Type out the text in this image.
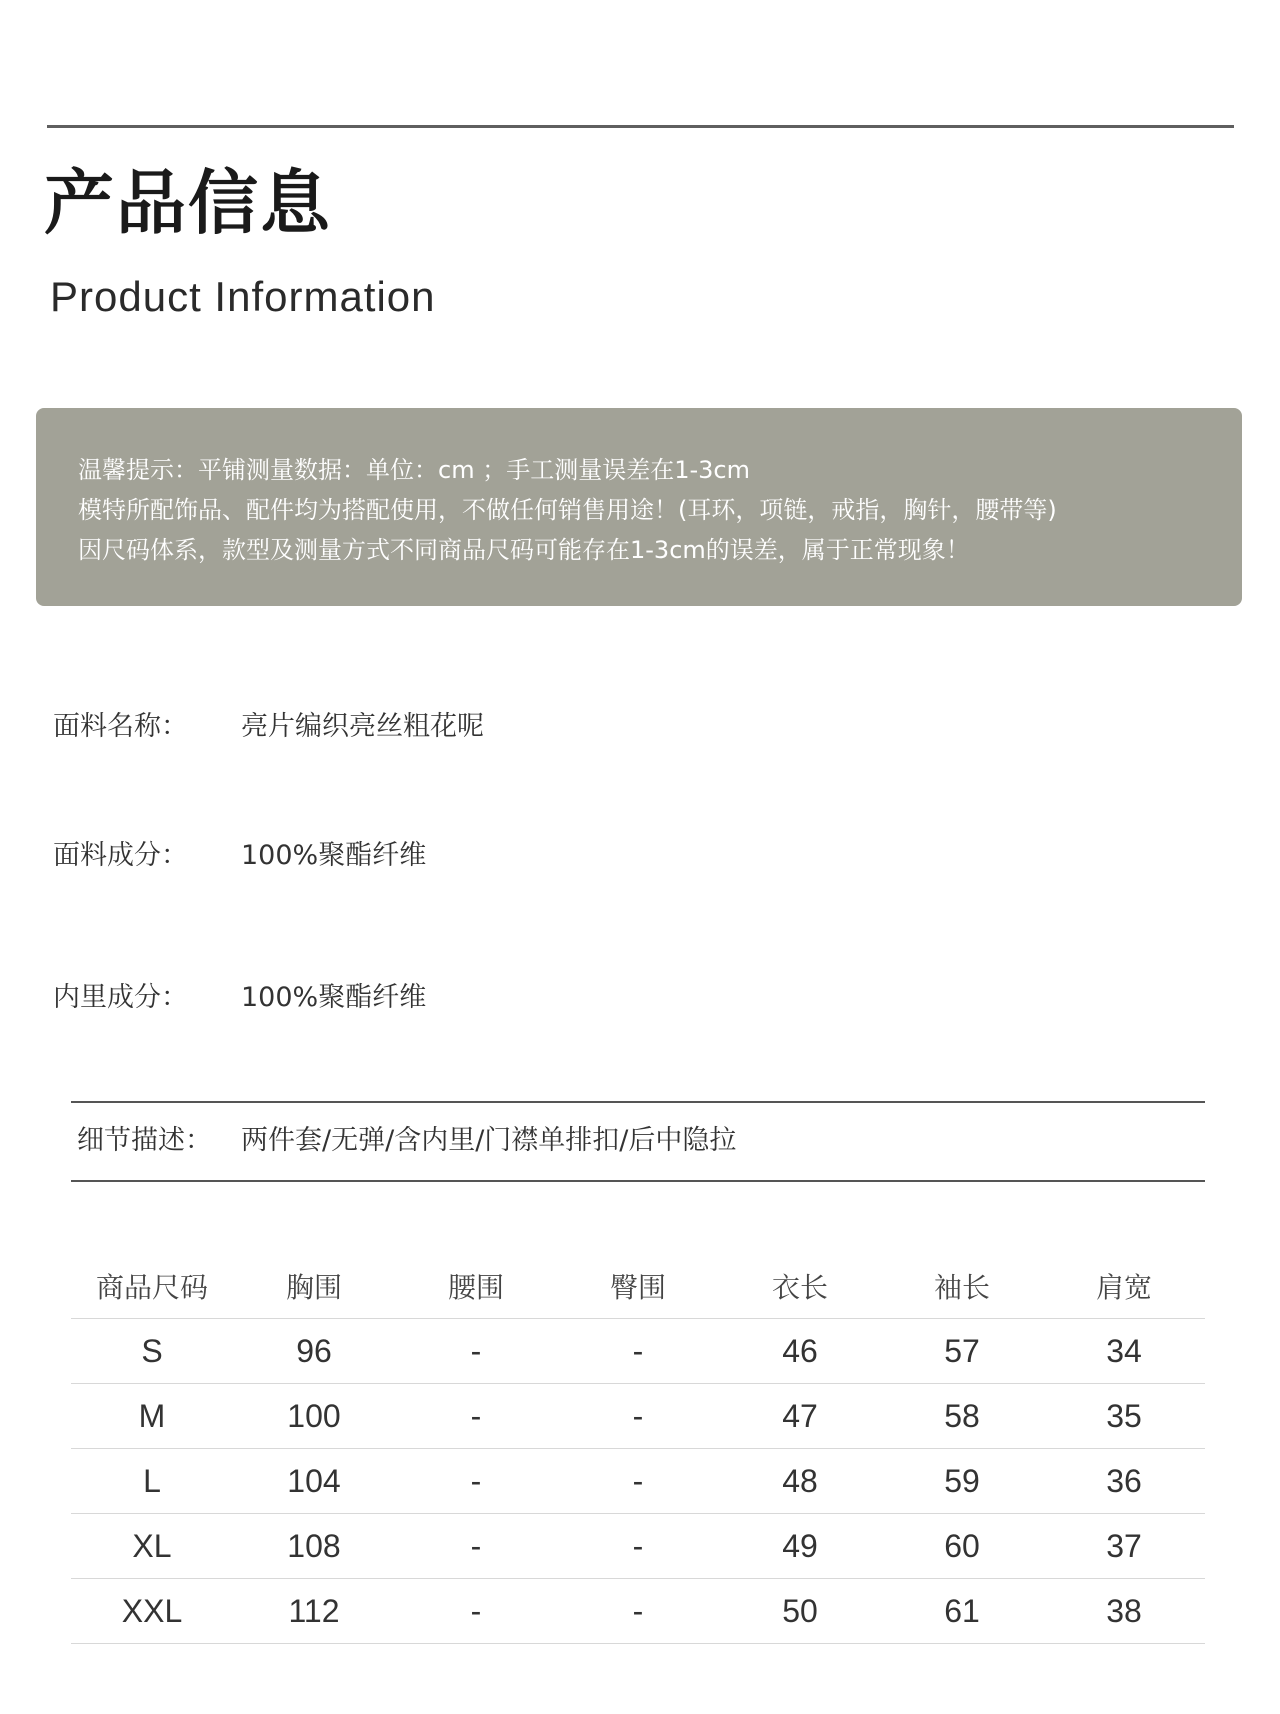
产品信息
Product Information
温馨提示：平铺测量数据：单位：cm ；手工测量误差在1-3cm
模特所配饰品、配件均为搭配使用，不做任何销售用途！(耳环，项链，戒指，胸针，腰带等)
因尺码体系，款型及测量方式不同商品尺码可能存在1-3cm的误差，属于正常现象！
面料名称： 亮片编织亮丝粗花呢
面料成分： 100%聚酯纤维
内里成分： 100%聚酯纤维
细节描述： 两件套/无弹/含内里/门襟单排扣/后中隐拉
商品尺码	胸围	腰围	臀围	衣长	袖长	肩宽
S	96	-	-	46	57	34
M	100	-	-	47	58	35
L	104	-	-	48	59	36
XL	108	-	-	49	60	37
XXL	112	-	-	50	61	38
